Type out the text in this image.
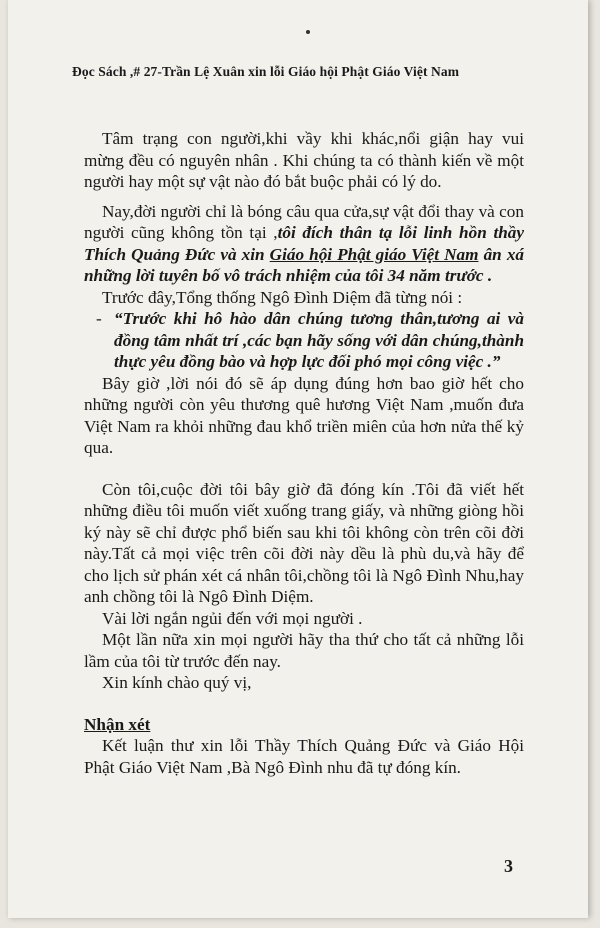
Đọc Sách ,# 27-Trần Lệ Xuân xin lỗi Giáo hội Phật Giáo Việt Nam

Tâm trạng con người,khi vầy khi khác,nổi giận hay vui mừng đều có nguyên nhân . Khi chúng ta có thành kiến về một người hay một sự vật nào đó bắt buộc phải có lý do.

Nay,đời người chỉ là bóng câu qua cửa,sự vật đổi thay và con người cũng không tồn tại ,tôi đích thân tạ lỗi linh hồn thầy Thích Quảng Đức và xin Giáo hội Phật giáo Việt Nam ân xá những lời tuyên bố vô trách nhiệm của tôi 34 năm trước .

Trước đây,Tổng thống Ngô Đình Diệm đã từng nói :

- “Trước khi hô hào dân chúng tương thân,tương ai và đồng tâm nhất trí ,các bạn hãy sống với dân chúng,thành thực yêu đồng bào và hợp lực đối phó mọi công việc .”

Bây giờ ,lời nói đó sẽ áp dụng đúng hơn bao giờ hết cho những người còn yêu thương quê hương Việt Nam ,muốn đưa Việt Nam ra khỏi những đau khổ triền miên của hơn nửa thế kỷ qua.

Còn tôi,cuộc đời tôi bây giờ đã đóng kín .Tôi đã viết hết những điều tôi muốn viết xuống trang giấy, và những giòng hồi ký này sẽ chỉ được phổ biến sau khi tôi không còn trên cõi đời này.Tất cả mọi việc trên cõi đời này dều là phù du,và hãy để cho lịch sử phán xét cá nhân tôi,chồng tôi là Ngô Đình Nhu,hay anh chồng tôi là Ngô Đình Diệm.

Vài lời ngắn ngủi đến với mọi người .

Một lần nữa xin mọi người hãy tha thứ cho tất cả những lỗi lầm của tôi từ trước đến nay.

Xin kính chào quý vị,

Nhận xét

Kết luận thư xin lỗi Thầy Thích Quảng Đức và Giáo Hội Phật Giáo Việt Nam ,Bà Ngô Đình nhu đã tự đóng kín.

3
